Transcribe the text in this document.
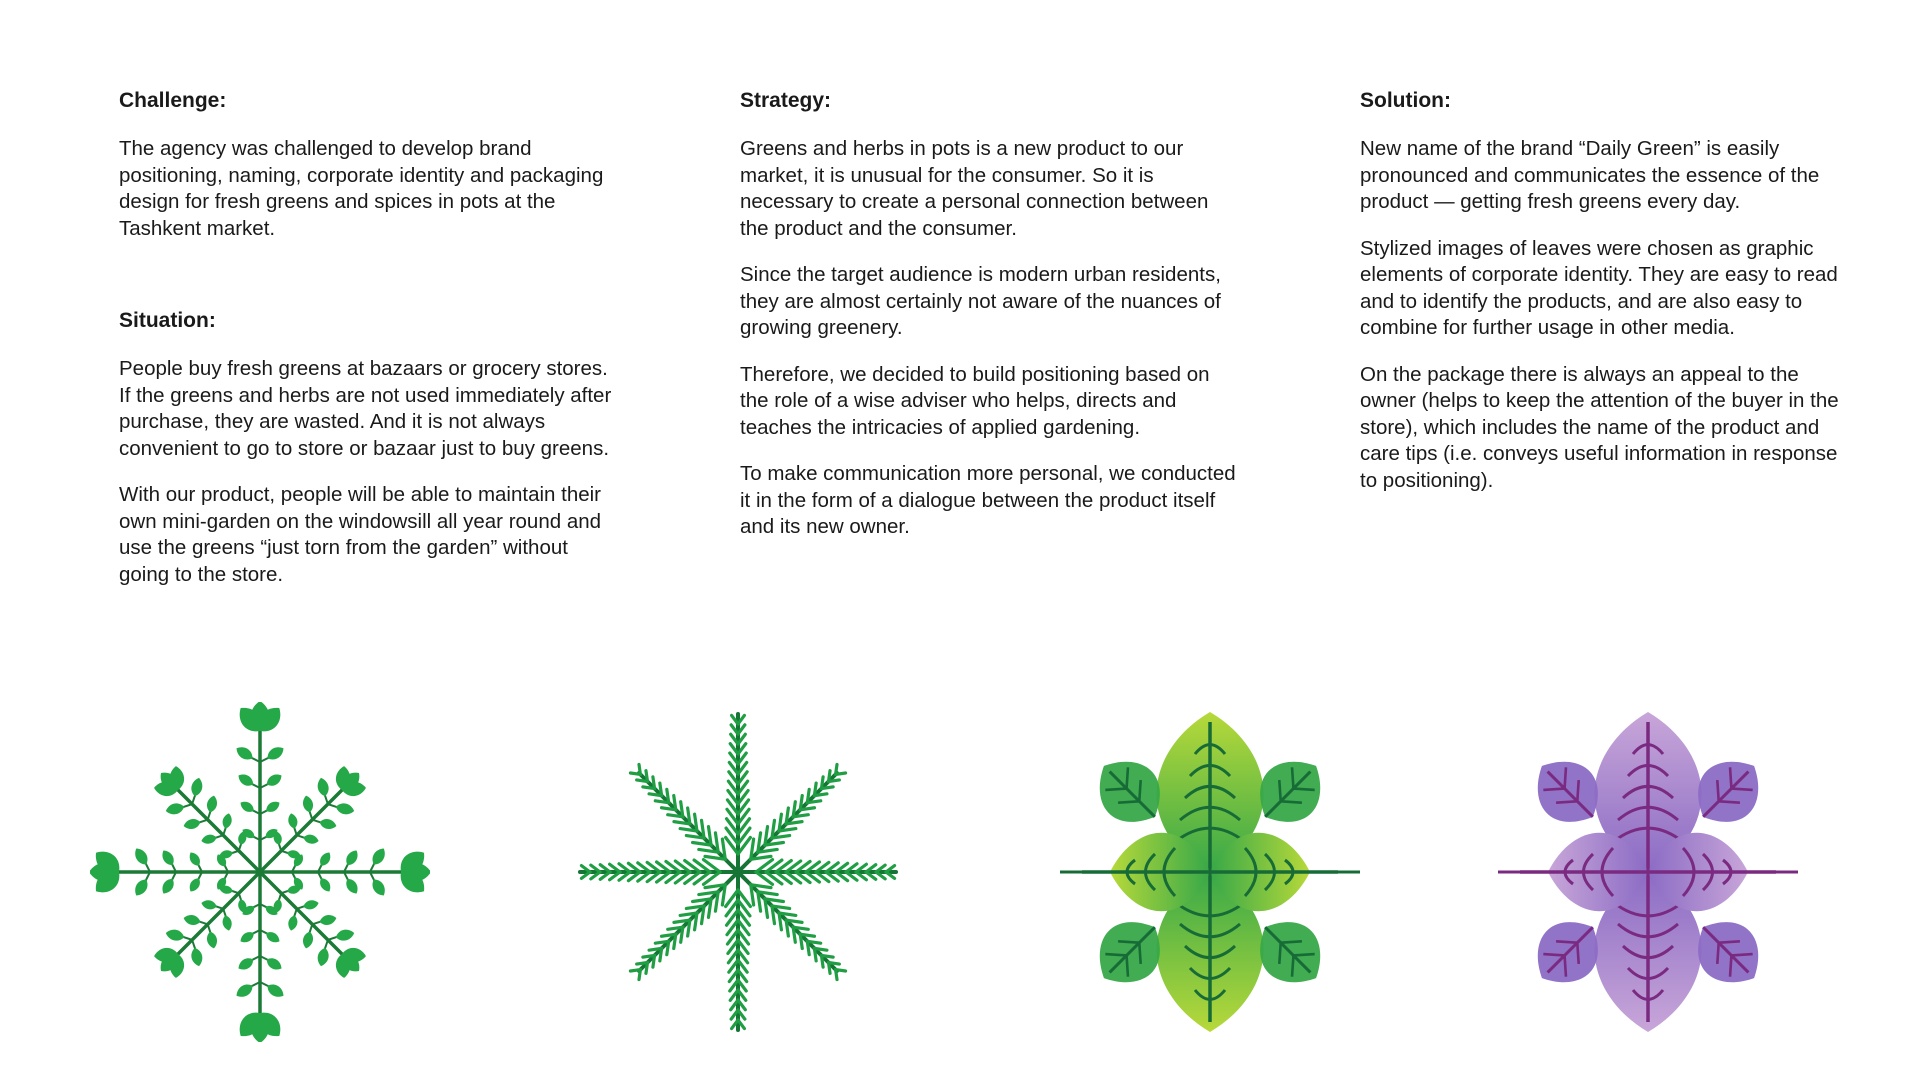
Challenge:

The agency was challenged to develop brand positioning, naming, corporate identity and packaging design for fresh greens and spices in pots at the Tashkent market.

Situation:

People buy fresh greens at bazaars or grocery stores. If the greens and herbs are not used immediately after purchase, they are wasted. And it is not always convenient to go to store or bazaar just to buy greens.

With our product, people will be able to maintain their own mini-garden on the windowsill all year round and use the greens “just torn from the garden” without going to the store.

Strategy:

Greens and herbs in pots is a new product to our market, it is unusual for the consumer. So it is necessary to create a personal connection between the product and the consumer.

Since the target audience is modern urban residents, they are almost certainly not aware of the nuances of growing greenery.

Therefore, we decided to build positioning based on the role of a wise adviser who helps, directs and teaches the intricacies of applied gardening.

To make communication more personal, we conducted it in the form of a dialogue between the product itself and its new owner.

Solution:

New name of the brand “Daily Green” is easily pronounced and communicates the essence of the product — getting fresh greens every day.

Stylized images of leaves were chosen as graphic elements of corporate identity. They are easy to read and to identify the products, and are also easy to combine for further usage in other media.

On the package there is always an appeal to the owner (helps to keep the attention of the buyer in the store), which includes the name of the product and care tips (i.e. conveys useful information in response to positioning).
